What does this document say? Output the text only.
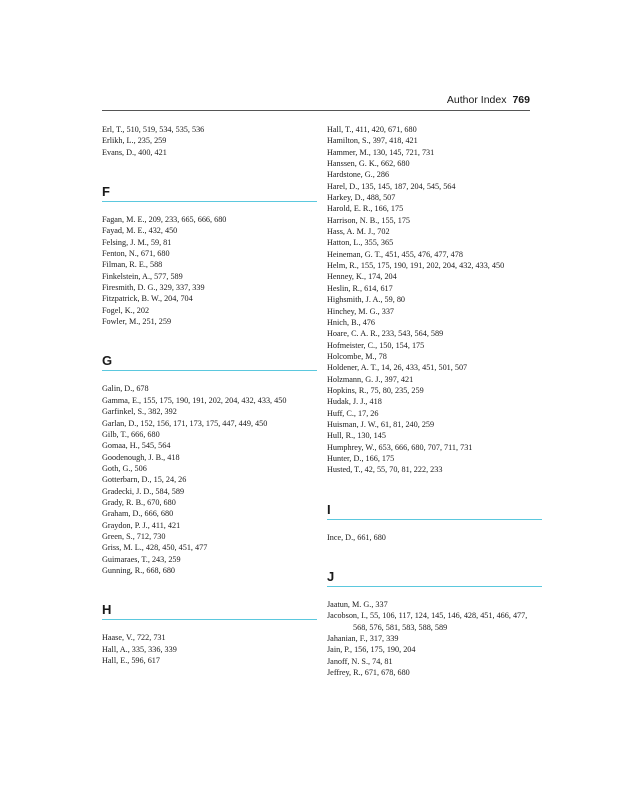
Author Index 769
Erl, T., 510, 519, 534, 535, 536
Erlikh, L., 235, 259
Evans, D., 400, 421
F
Fagan, M. E., 209, 233, 665, 666, 680
Fayad, M. E., 432, 450
Felsing, J. M., 59, 81
Fenton, N., 671, 680
Filman, R. E., 588
Finkelstein, A., 577, 589
Firesmith, D. G., 329, 337, 339
Fitzpatrick, B. W., 204, 704
Fogel, K., 202
Fowler, M., 251, 259
G
Galin, D., 678
Gamma, E., 155, 175, 190, 191, 202, 204, 432, 433, 450
Garfinkel, S., 382, 392
Garlan, D., 152, 156, 171, 173, 175, 447, 449, 450
Gilb, T., 666, 680
Gomaa, H., 545, 564
Goodenough, J. B., 418
Goth, G., 506
Gotterbarn, D., 15, 24, 26
Gradecki, J. D., 584, 589
Grady, R. B., 670, 680
Graham, D., 666, 680
Graydon, P. J., 411, 421
Green, S., 712, 730
Griss, M. L., 428, 450, 451, 477
Guimaraes, T., 243, 259
Gunning, R., 668, 680
H
Haase, V., 722, 731
Hall, A., 335, 336, 339
Hall, E., 596, 617
Hall, T., 411, 420, 671, 680
Hamilton, S., 397, 418, 421
Hammer, M., 130, 145, 721, 731
Hanssen, G. K., 662, 680
Hardstone, G., 286
Harel, D., 135, 145, 187, 204, 545, 564
Harkey, D., 488, 507
Harold, E. R., 166, 175
Harrison, N. B., 155, 175
Hass, A. M. J., 702
Hatton, L., 355, 365
Heineman, G. T., 451, 455, 476, 477, 478
Helm, R., 155, 175, 190, 191, 202, 204, 432, 433, 450
Henney, K., 174, 204
Heslin, R., 614, 617
Highsmith, J. A., 59, 80
Hinchey, M. G., 337
Hnich, B., 476
Hoare, C. A. R., 233, 543, 564, 589
Hofmeister, C., 150, 154, 175
Holcombe, M., 78
Holdener, A. T., 14, 26, 433, 451, 501, 507
Holzmann, G. J., 397, 421
Hopkins, R., 75, 80, 235, 259
Hudak, J. J., 418
Huff, C., 17, 26
Huisman, J. W., 61, 81, 240, 259
Hull, R., 130, 145
Humphrey, W., 653, 666, 680, 707, 711, 731
Hunter, D., 166, 175
Husted, T., 42, 55, 70, 81, 222, 233
I
Ince, D., 661, 680
J
Jaatun, M. G., 337
Jacobson, I., 55, 106, 117, 124, 145, 146, 428, 451, 466, 477, 568, 576, 581, 583, 588, 589
Jahanian, F., 317, 339
Jain, P., 156, 175, 190, 204
Janoff, N. S., 74, 81
Jeffrey, R., 671, 678, 680
